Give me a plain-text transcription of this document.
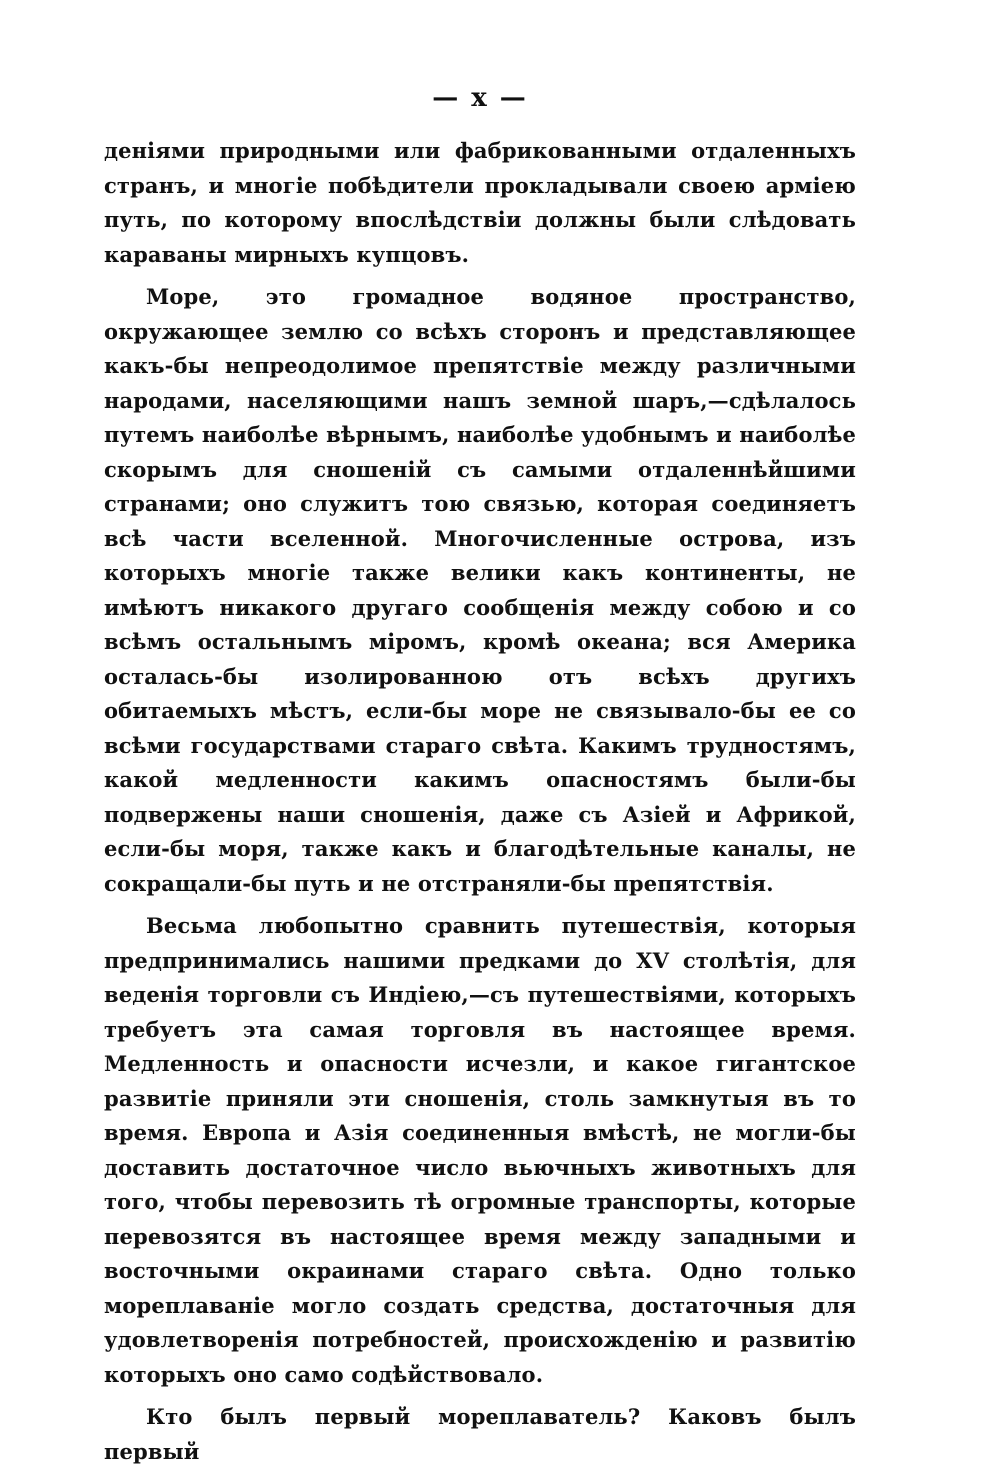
— x —

деніями природными или фабрикованными отдаленныхъ странъ, и многіе побѣдители прокладывали своею арміею путь, по которому впослѣдствіи должны были слѣдовать караваны мирныхъ купцовъ.

Море, это громадное водяное пространство, окружающее землю со всѣхъ сторонъ и представляющее какъ-бы непреодолимое препятствіе между различными народами, населяющими нашъ земной шаръ,—сдѣлалось путемъ наиболѣе вѣрнымъ, наиболѣе удобнымъ и наиболѣе скорымъ для сношеній съ самыми отдаленнѣйшими странами; оно служитъ тою связью, которая соединяетъ всѣ части вселенной. Многочисленные острова, изъ которыхъ многіе также велики какъ континенты, не имѣютъ никакого другаго сообщенія между собою и со всѣмъ остальнымъ міромъ, кромѣ океана; вся Америка осталась-бы изолированною отъ всѣхъ другихъ обитаемыхъ мѣстъ, если-бы море не связывало-бы ее со всѣми государствами стараго свѣта. Какимъ трудностямъ, какой медленности какимъ опасностямъ были-бы подвержены наши сношенія, даже съ Азіей и Африкой, если-бы моря, также какъ и благодѣтельные каналы, не сокращали-бы путь и не отстраняли-бы препятствія.

Весьма любопытно сравнить путешествія, которыя предпринимались нашими предками до XV столѣтія, для веденія торговли съ Индіею,—съ путешествіями, которыхъ требуетъ эта самая торговля въ настоящее время. Медленность и опасности исчезли, и какое гигантское развитіе приняли эти сношенія, столь замкнутыя въ то время. Европа и Азія соединенныя вмѣстѣ, не могли-бы доставить достаточное число вьючныхъ животныхъ для того, чтобы перевозить тѣ огромные транспорты, которые перевозятся въ настоящее время между западными и восточными окраинами стараго свѣта. Одно только мореплаваніе могло создать средства, достаточныя для удовлетворенія потребностей, происхожденію и развитію которыхъ оно само содѣйствовало.

Кто былъ первый мореплаватель? Каковъ былъ первый
